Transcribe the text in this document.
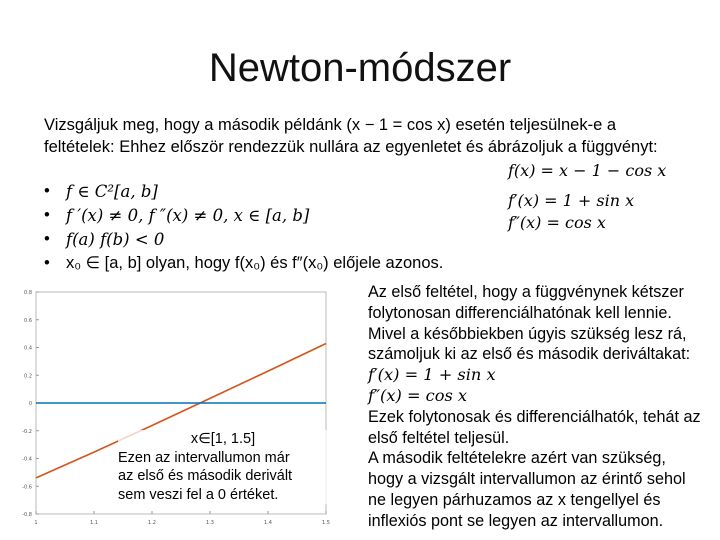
Newton-módszer
Vizsgáljuk meg, hogy a második példánk (x − 1 = cos x) esetén teljesülnek-e a
feltételek: Ehhez először rendezzük nullára az egyenletet és ábrázoljuk a függvényt:
• f ∈ C²[a, b]
• f ′(x) ≠ 0, f ″(x) ≠ 0, x ∈ [a, b]
• f(a) f(b) < 0
• x₀ ∈ [a, b] olyan, hogy f(x₀) és f″(x₀) előjele azonos.
f(x) = x − 1 − cos x
f′(x) = 1 + sin x
f″(x) = cos x
-0.8
-0.6
-0.4
-0.2
0
0.2
0.4
0.6
0.8
1	1.1	1.2	1.3	1.4	1.5
x∈[1, 1.5]
Ezen az intervallumon már
az első és második derivált
sem veszi fel a 0 értéket.
Az első feltétel, hogy a függvénynek kétszer
folytonosan differenciálhatónak kell lennie.
Mivel a későbbiekben úgyis szükség lesz rá,
számoljuk ki az első és második deriváltakat:
f′(x) = 1 + sin x
f″(x) = cos x
Ezek folytonosak és differenciálhatók, tehát az
első feltétel teljesül.
A második feltételekre azért van szükség,
hogy a vizsgált intervallumon az érintő sehol
ne legyen párhuzamos az x tengellyel és
inflexiós pont se legyen az intervallumon.
